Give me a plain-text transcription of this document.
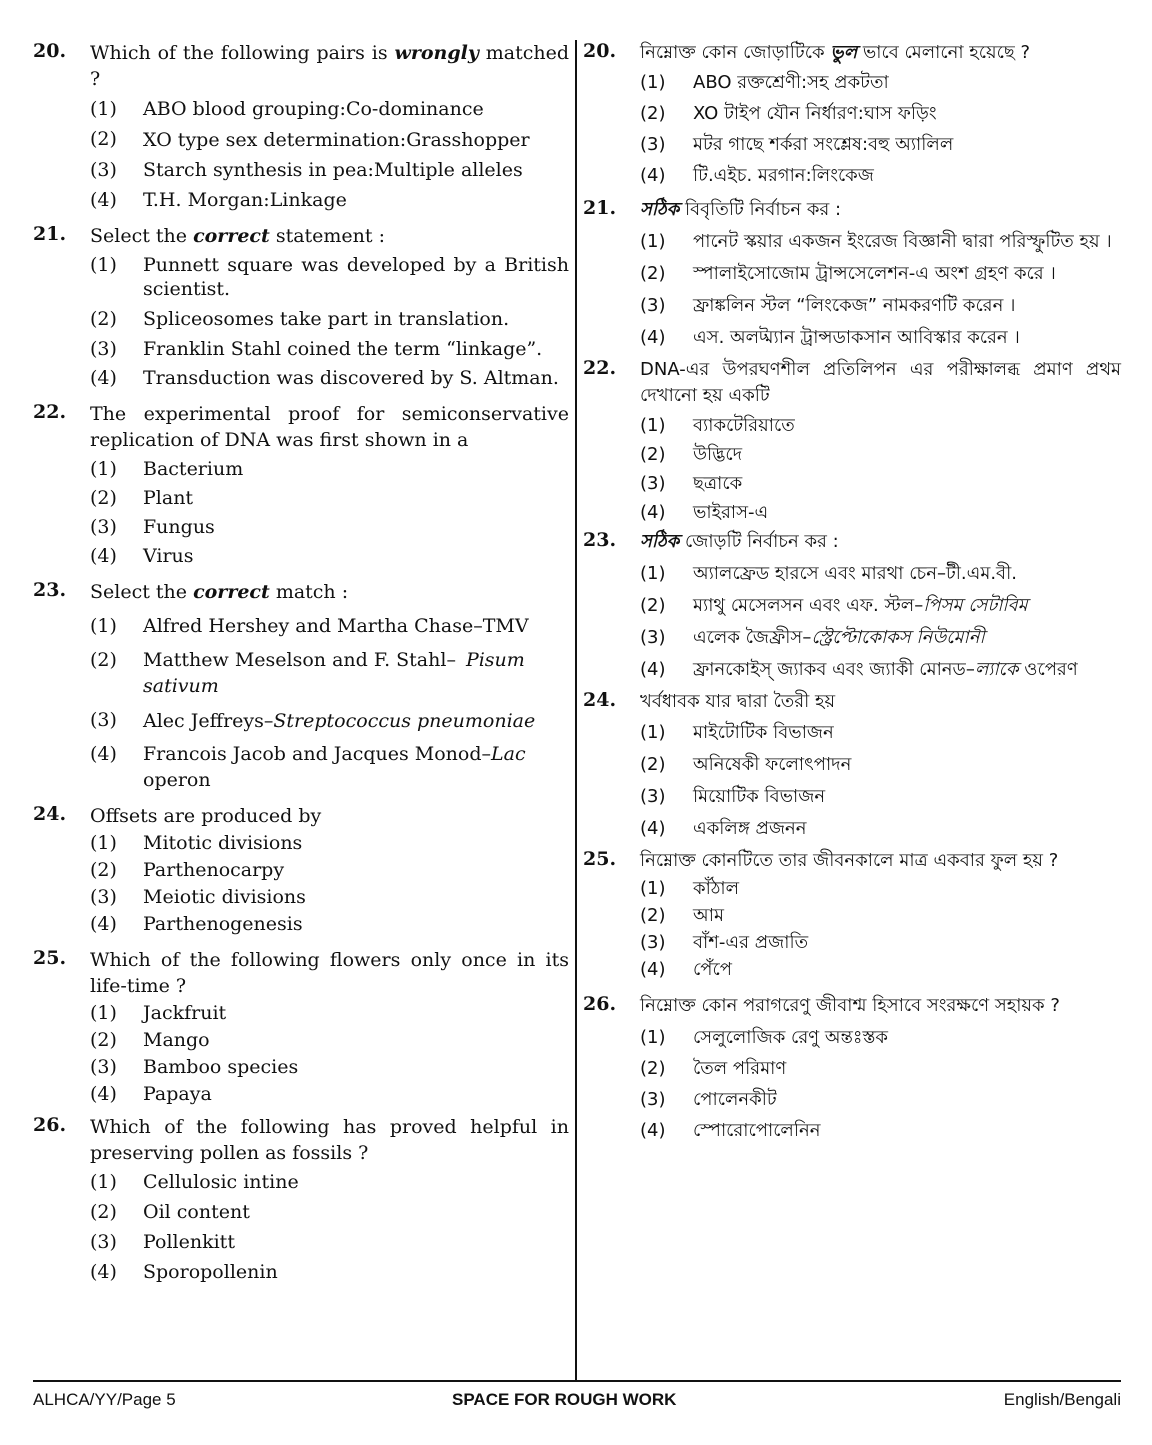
20. Which of the following pairs is wrongly matched ?
(1) ABO blood grouping:Co-dominance
(2) XO type sex determination:Grasshopper
(3) Starch synthesis in pea:Multiple alleles
(4) T.H. Morgan:Linkage
21. Select the correct statement :
(1) Punnett square was developed by a British scientist.
(2) Spliceosomes take part in translation.
(3) Franklin Stahl coined the term “linkage”.
(4) Transduction was discovered by S. Altman.
22. The experimental proof for semiconservative replication of DNA was first shown in a
(1) Bacterium
(2) Plant
(3) Fungus
(4) Virus
23. Select the correct match :
(1) Alfred Hershey and Martha Chase–TMV
(2) Matthew Meselson and F. Stahl– Pisum sativum
(3) Alec Jeffreys–Streptococcus pneumoniae
(4) Francois Jacob and Jacques Monod–Lac operon
24. Offsets are produced by
(1) Mitotic divisions
(2) Parthenocarpy
(3) Meiotic divisions
(4) Parthenogenesis
25. Which of the following flowers only once in its life-time ?
(1) Jackfruit
(2) Mango
(3) Bamboo species
(4) Papaya
26. Which of the following has proved helpful in preserving pollen as fossils ?
(1) Cellulosic intine
(2) Oil content
(3) Pollenkitt
(4) Sporopollenin
20. নিম্নোক্ত কোন জোড়াটিকে ভুল ভাবে মেলানো হয়েছে ?
(1) ABO রক্তশ্রেণী:সহ প্রকটতা
(2) XO টাইপ যৌন নির্ধারণ:ঘাস ফড়িং
(3) মটর গাছে শর্করা সংশ্লেষ:বহু অ্যালিল
(4) টি.এইচ. মরগান:লিংকেজ
21. সঠিক বিবৃতিটি নির্বাচন কর :
(1) পানেট স্কয়ার একজন ইংরেজ বিজ্ঞানী দ্বারা পরিস্ফুটিত হয় ।
(2) স্পালাইসোজোম ট্রান্সসেলেশন-এ অংশ গ্রহণ করে ।
(3) ফ্রাঙ্কলিন স্টল “লিংকেজ” নামকরণটি করেন ।
(4) এস. অলট্ম্যান ট্রান্সডাকসান আবিস্কার করেন ।
22. DNA-এর উপরঘণশীল প্রতিলিপন এর পরীক্ষালব্ধ প্রমাণ প্রথম দেখানো হয় একটি
(1) ব্যাকটেরিয়াতে
(2) উদ্ভিদে
(3) ছত্রাকে
(4) ভাইরাস-এ
23. সঠিক জোড়টি নির্বাচন কর :
(1) অ্যালফ্রেড হারসে এবং মারথা চেন–টী.এম.বী.
(2) ম্যাথু মেসেলসন এবং এফ. স্টল–পিসম সেটাবিম
(3) এলেক জৈফ্রীস–স্ট্রেপ্টোকোকস নিউমোনী
(4) ফ্রানকোইস্ জ্যাকব এবং জ্যাকী মোনড–ল্যাকে ওপেরণ
24. খর্বধাবক যার দ্বারা তৈরী হয়
(1) মাইটোটিক বিভাজন
(2) অনিষেকী ফলোৎপাদন
(3) মিয়োটিক বিভাজন
(4) একলিঙ্গ প্রজনন
25. নিম্নোক্ত কোনটিতে তার জীবনকালে মাত্র একবার ফুল হয় ?
(1) কাঁঠাল
(2) আম
(3) বাঁশ-এর প্রজাতি
(4) পেঁপে
26. নিম্নোক্ত কোন পরাগরেণু জীবাশ্ম হিসাবে সংরক্ষণে সহায়ক ?
(1) সেলুলোজিক রেণু অন্তঃস্তক
(2) তৈল পরিমাণ
(3) পোলেনকীট
(4) স্পোরোপোলেনিন
ALHCA/YY/Page 5	SPACE FOR ROUGH WORK	English/Bengali
